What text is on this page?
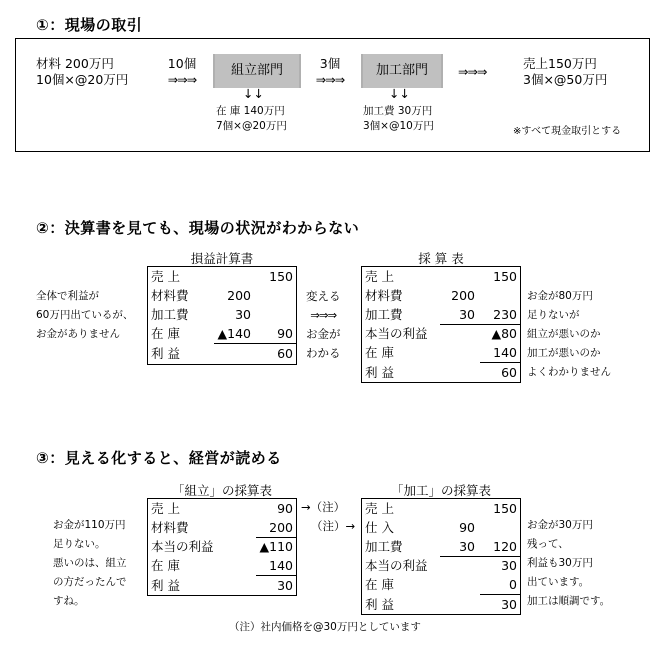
①：現場の取引
材料 200万円
10個×@20万円
10個
⇒⇒⇒
組立部門
↓↓
在 庫 140万円
7個×@20万円
3個
⇒⇒⇒
加工部門
↓↓
加工費 30万円
3個×@10万円
⇒⇒⇒
売上150万円
3個×@50万円
※すべて現金取引とする
②：決算書を見ても、現場の状況がわからない
全体で利益が
60万円出ているが、
お金がありません
損益計算書
売 上	150
材料費	200
加工費	30
在 庫	▲140 90
利 益	60
変える
⇒⇒⇒
お金が
わかる
採 算 表
売 上	150
材料費	200
加工費	30 230
本当の利益	▲80
在 庫	140
利 益	60
お金が80万円
足りないが
組立が悪いのか
加工が悪いのか
よくわかりません
③：見える化すると、経営が読める
お金が110万円
足りない。
悪いのは、組立
の方だったんで
すね。
「組立」の採算表
売 上	90
材料費	200
本当の利益	▲110
在 庫	140
利 益	30
→（注）
（注）→
「加工」の採算表
売 上	150
仕 入	90
加工費	30 120
本当の利益	30
在 庫	0
利 益	30
お金が30万円
残って、
利益も30万円
出ています。
加工は順調です。
（注）社内価格を@30万円としています
